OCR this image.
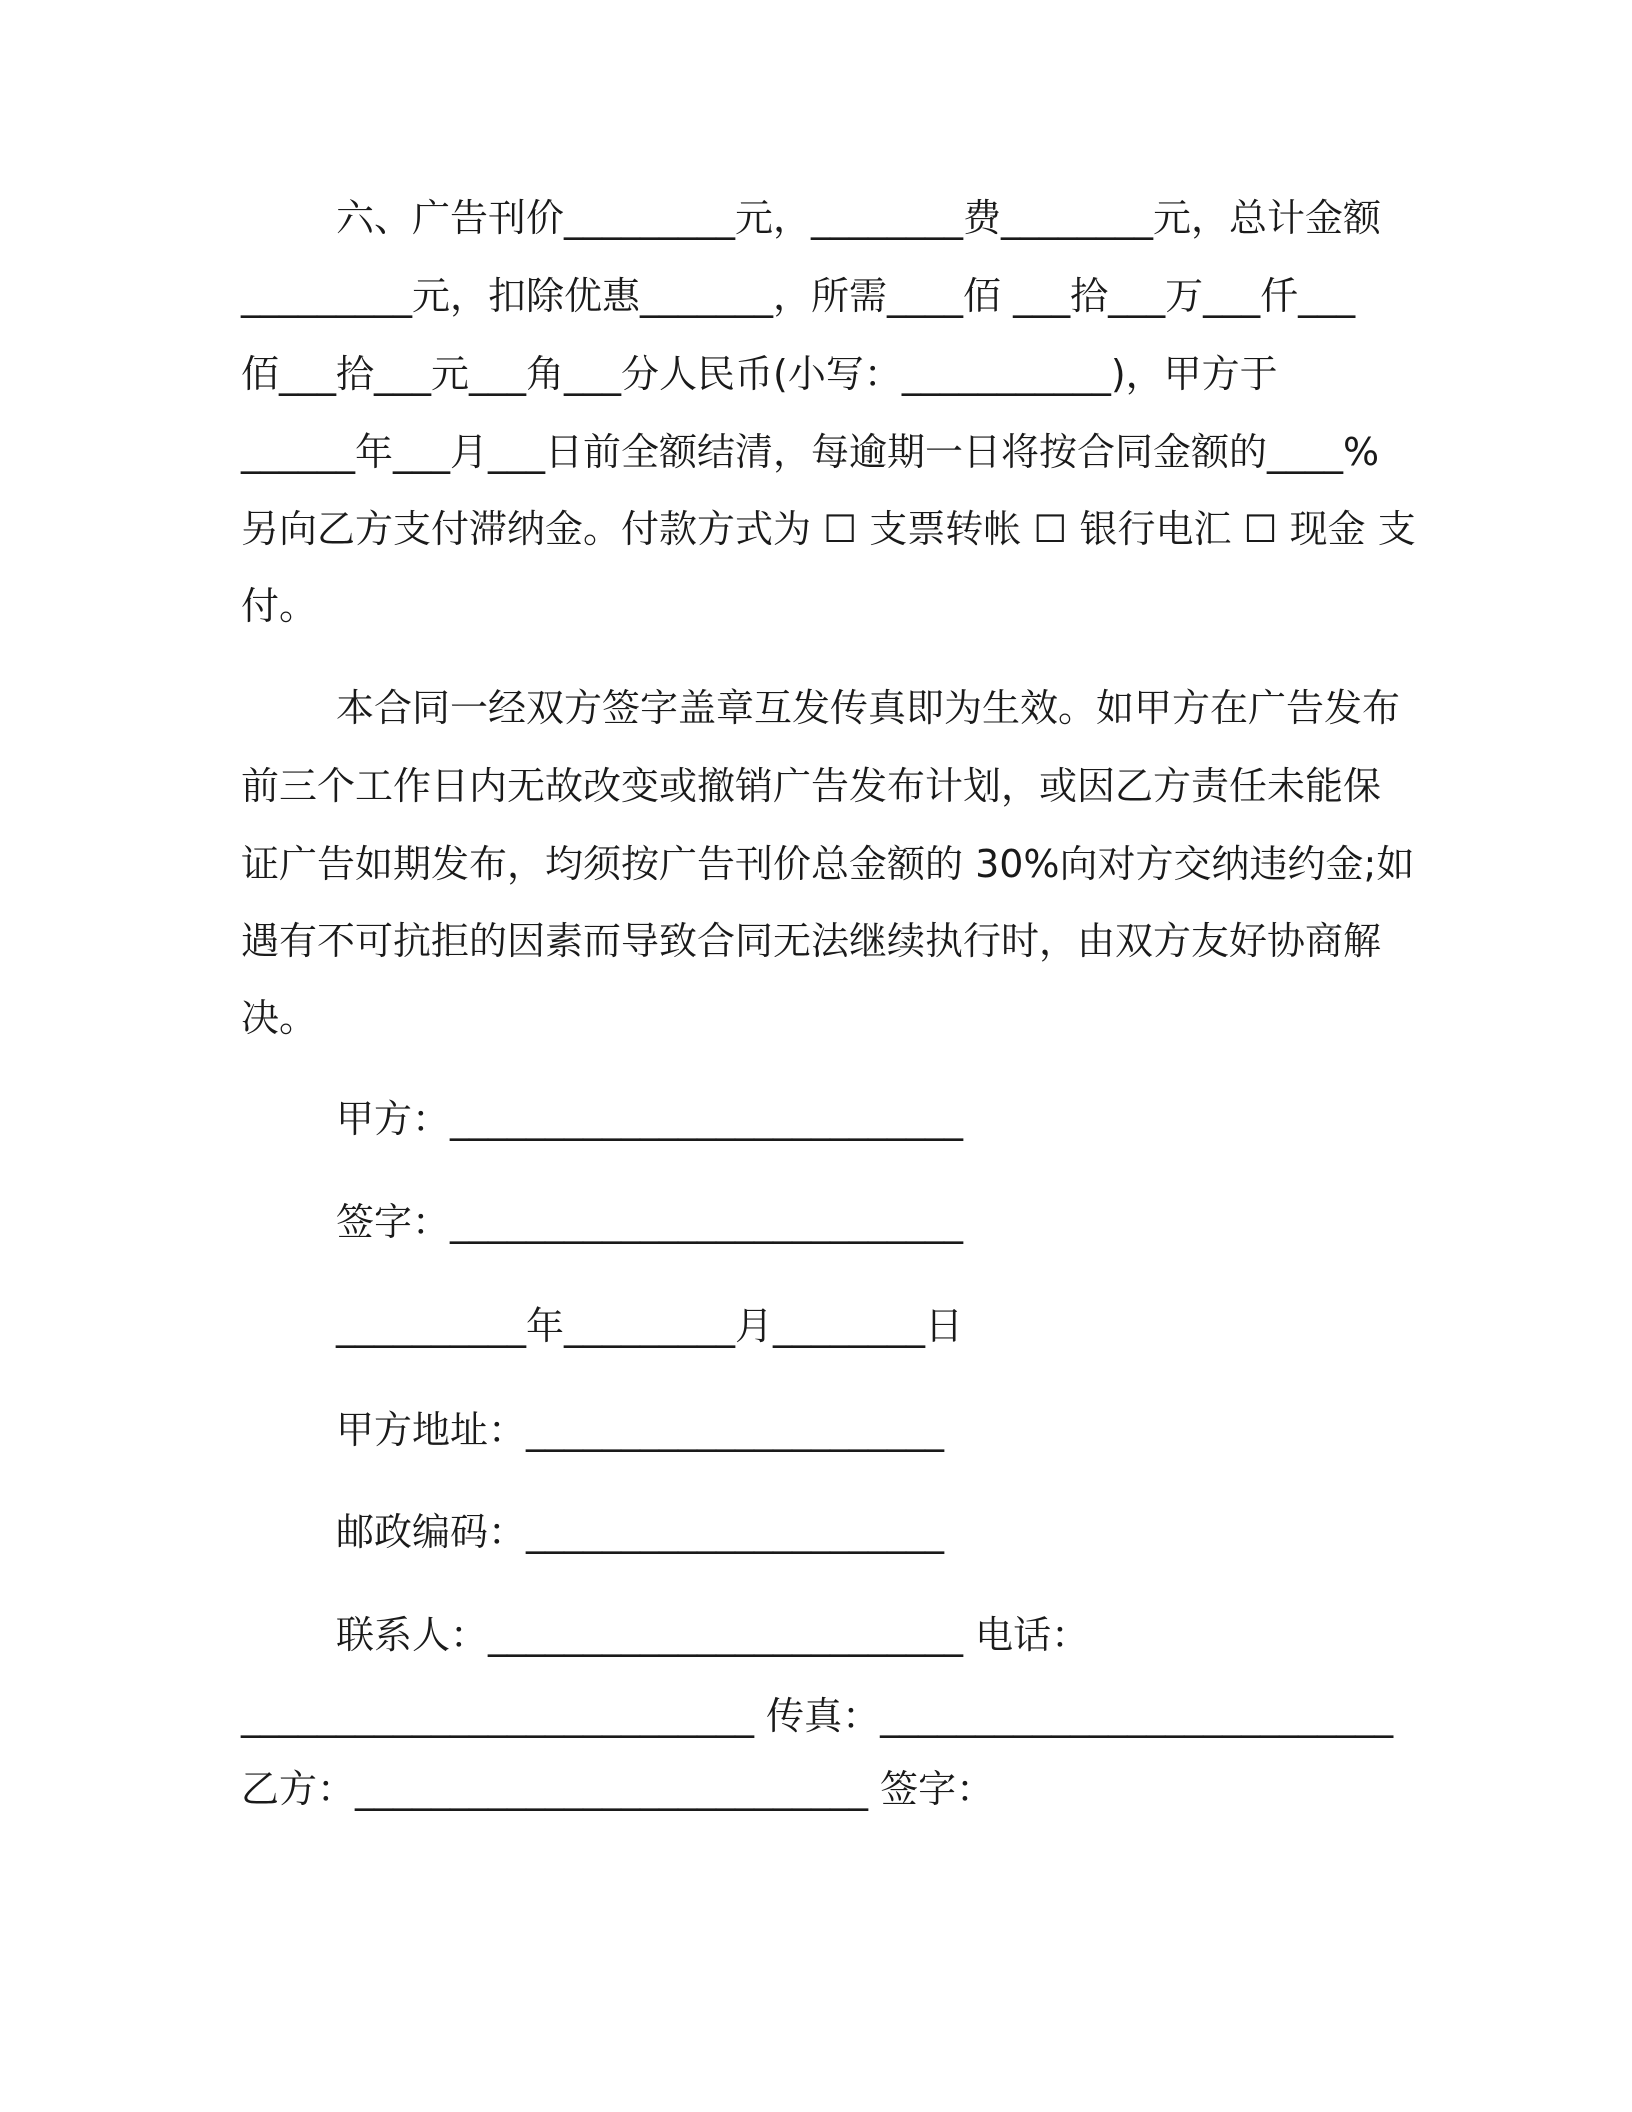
六、广告刊价_________元，________费________元，总计金额
_________元，扣除优惠_______，所需____佰 ___拾___万___仟___
佰___拾___元___角___分人民币(小写：___________)，甲方于
______年___月___日前全额结清，每逾期一日将按合同金额的____%
另向乙方支付滞纳金。付款方式为 ☐ 支票转帐 ☐ 银行电汇 ☐ 现金 支
付。
本合同一经双方签字盖章互发传真即为生效。如甲方在广告发布
前三个工作日内无故改变或撤销广告发布计划，或因乙方责任未能保
证广告如期发布，均须按广告刊价总金额的 30%向对方交纳违约金;如
遇有不可抗拒的因素而导致合同无法继续执行时，由双方友好协商解
决。
甲方：___________________________
签字：___________________________
__________年_________月________日
甲方地址：______________________
邮政编码：______________________
联系人：_________________________ 电话：
___________________________ 传真：___________________________
乙方：___________________________ 签字：
